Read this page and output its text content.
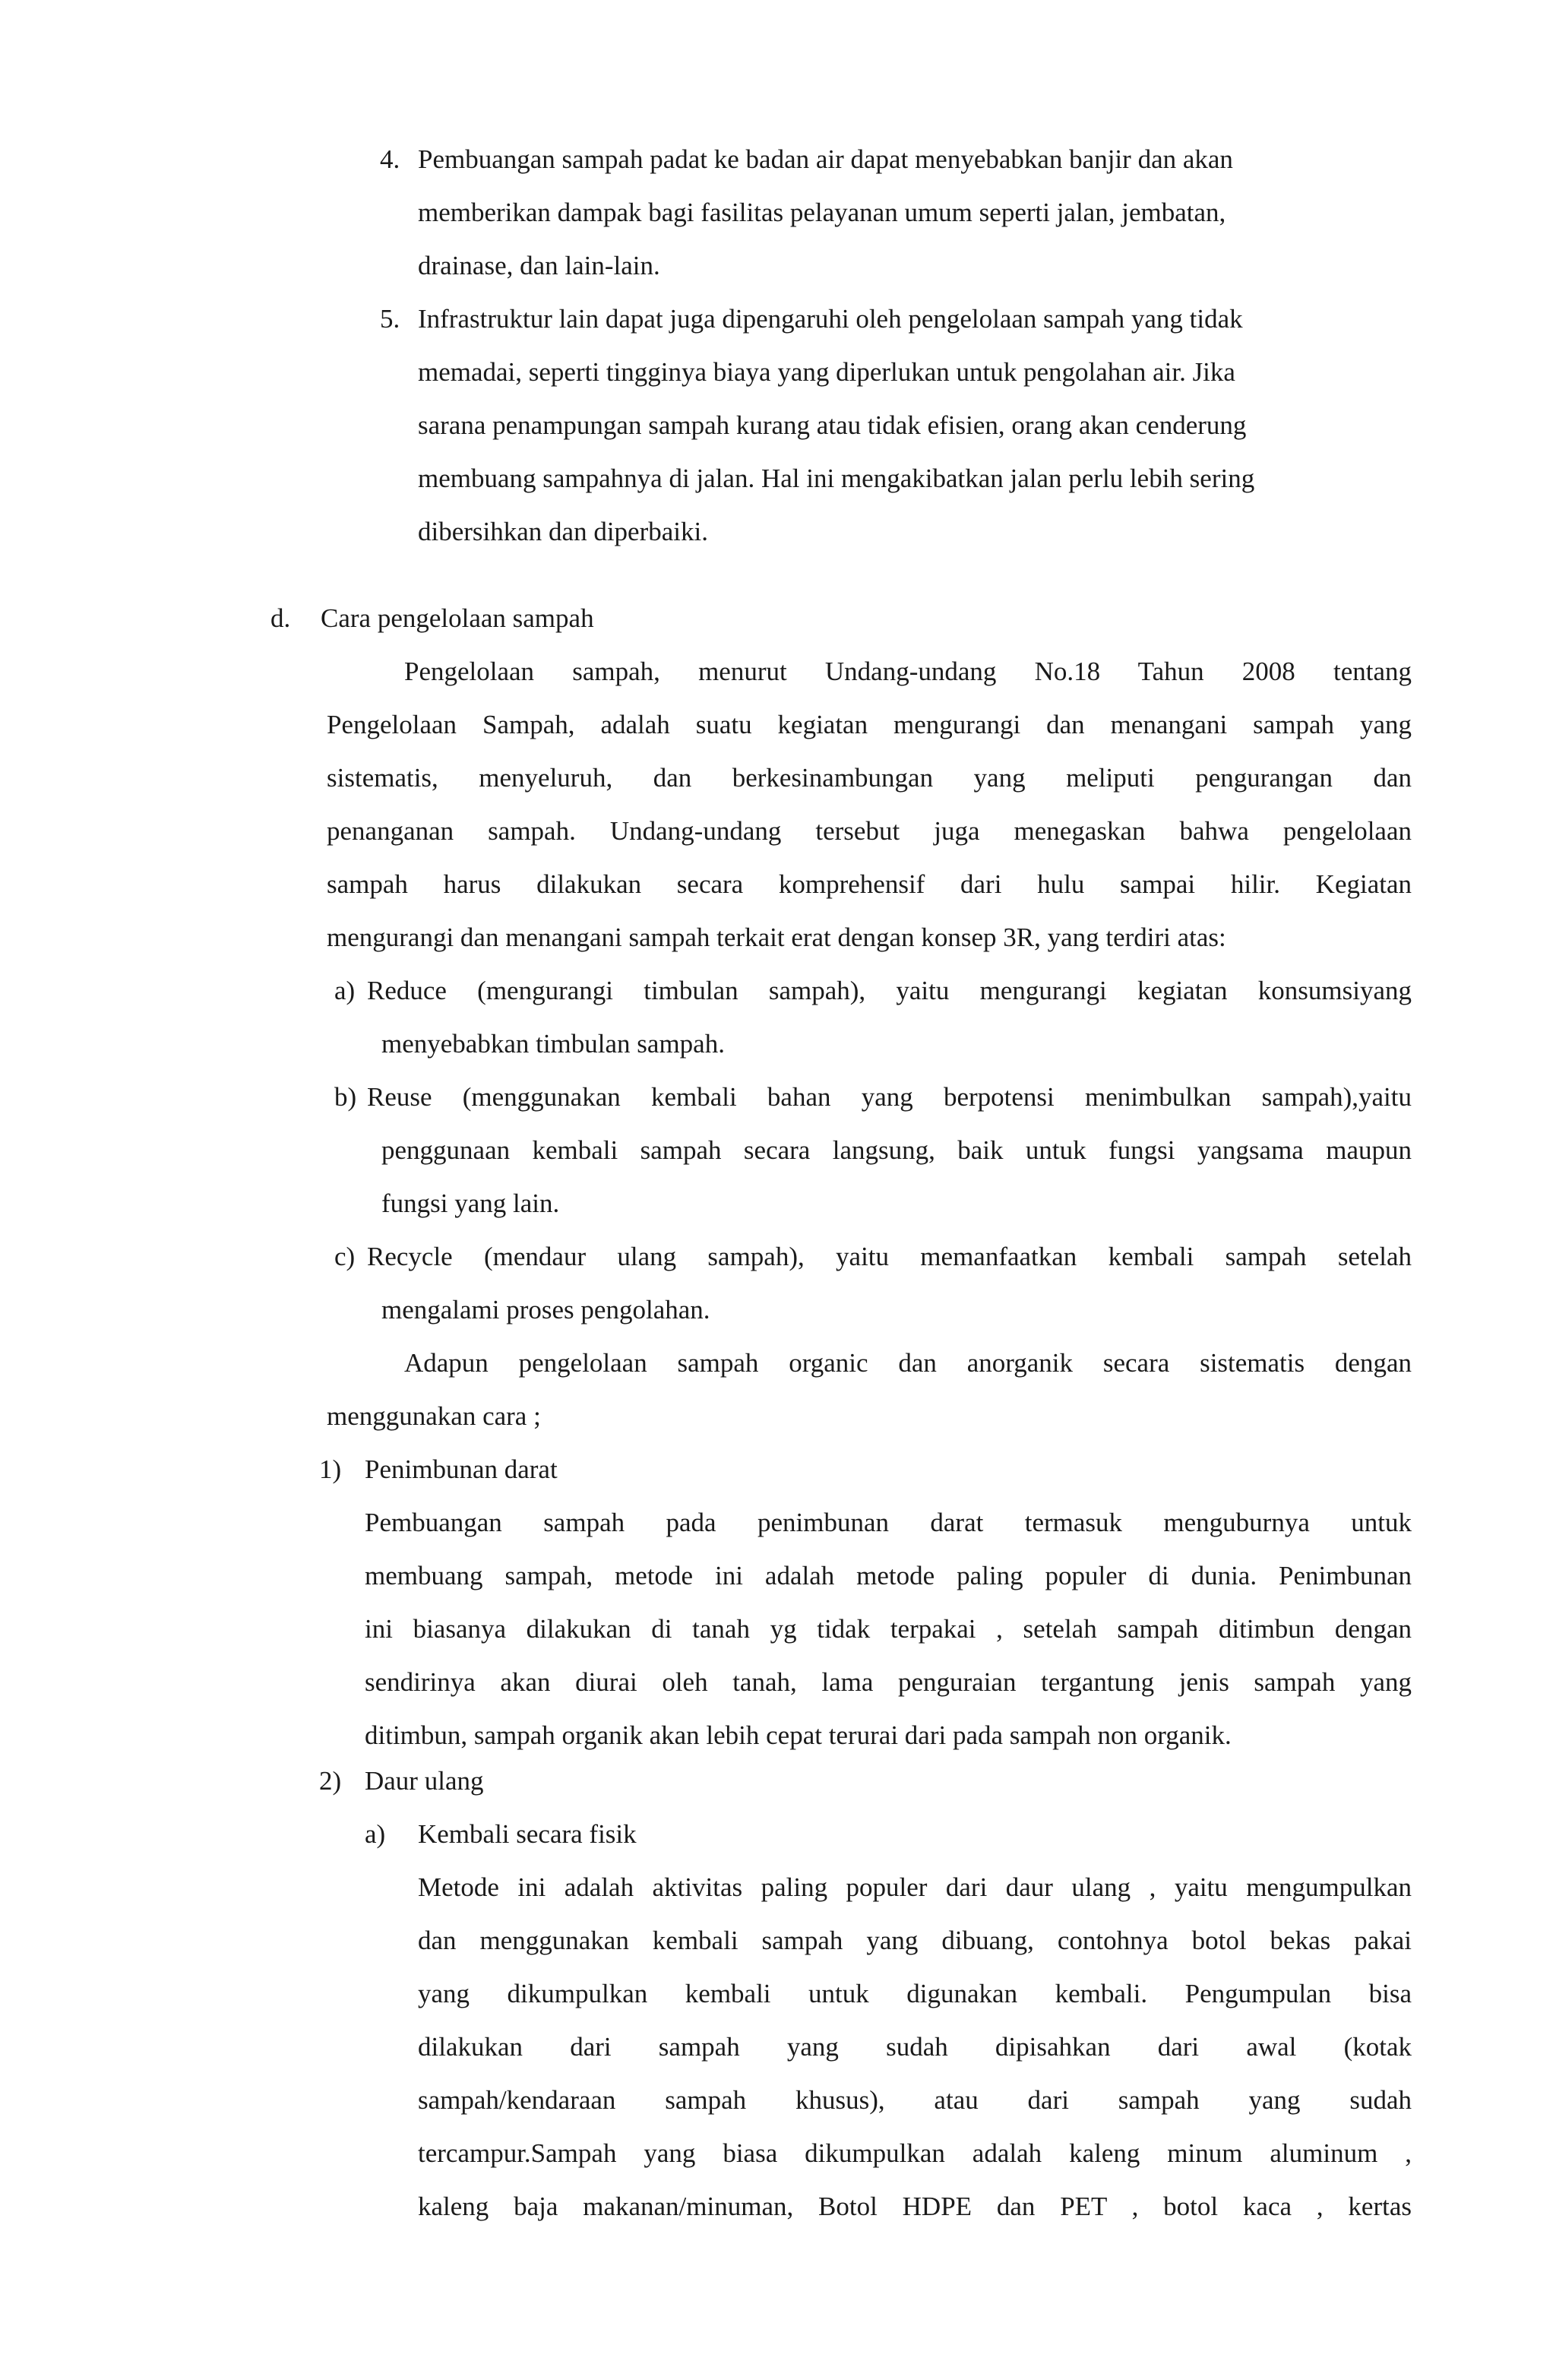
4. Pembuangan sampah padat ke badan air dapat menyebabkan banjir dan akan
memberikan dampak bagi fasilitas pelayanan umum seperti jalan, jembatan,
drainase, dan lain-lain.
5. Infrastruktur lain dapat juga dipengaruhi oleh pengelolaan sampah yang tidak
memadai, seperti tingginya biaya yang diperlukan untuk pengolahan air. Jika
sarana penampungan sampah kurang atau tidak efisien, orang akan cenderung
membuang sampahnya di jalan. Hal ini mengakibatkan jalan perlu lebih sering
dibersihkan dan diperbaiki.
d. Cara pengelolaan sampah
Pengelolaan sampah, menurut Undang-undang No.18 Tahun 2008 tentang
Pengelolaan Sampah, adalah suatu kegiatan mengurangi dan menangani sampah yang
sistematis, menyeluruh, dan berkesinambungan yang meliputi pengurangan dan
penanganan sampah. Undang-undang tersebut juga menegaskan bahwa pengelolaan
sampah harus dilakukan secara komprehensif dari hulu sampai hilir. Kegiatan
mengurangi dan menangani sampah terkait erat dengan konsep 3R, yang terdiri atas:
a) Reduce (mengurangi timbulan sampah), yaitu mengurangi kegiatan konsumsiyang
menyebabkan timbulan sampah.
b) Reuse (menggunakan kembali bahan yang berpotensi menimbulkan sampah),yaitu
penggunaan kembali sampah secara langsung, baik untuk fungsi yangsama maupun
fungsi yang lain.
c) Recycle (mendaur ulang sampah), yaitu memanfaatkan kembali sampah setelah
mengalami proses pengolahan.
Adapun pengelolaan sampah organic dan anorganik secara sistematis dengan
menggunakan cara ;
1) Penimbunan darat
Pembuangan sampah pada penimbunan darat termasuk menguburnya untuk
membuang sampah, metode ini adalah metode paling populer di dunia. Penimbunan
ini biasanya dilakukan di tanah yg tidak terpakai , setelah sampah ditimbun dengan
sendirinya akan diurai oleh tanah, lama penguraian tergantung jenis sampah yang
ditimbun, sampah organik akan lebih cepat terurai dari pada sampah non organik.
2) Daur ulang
a) Kembali secara fisik
Metode ini adalah aktivitas paling populer dari daur ulang , yaitu mengumpulkan
dan menggunakan kembali sampah yang dibuang, contohnya botol bekas pakai
yang dikumpulkan kembali untuk digunakan kembali. Pengumpulan bisa
dilakukan dari sampah yang sudah dipisahkan dari awal (kotak
sampah/kendaraan sampah khusus), atau dari sampah yang sudah
tercampur.Sampah yang biasa dikumpulkan adalah kaleng minum aluminum ,
kaleng baja makanan/minuman, Botol HDPE dan PET , botol kaca , kertas
